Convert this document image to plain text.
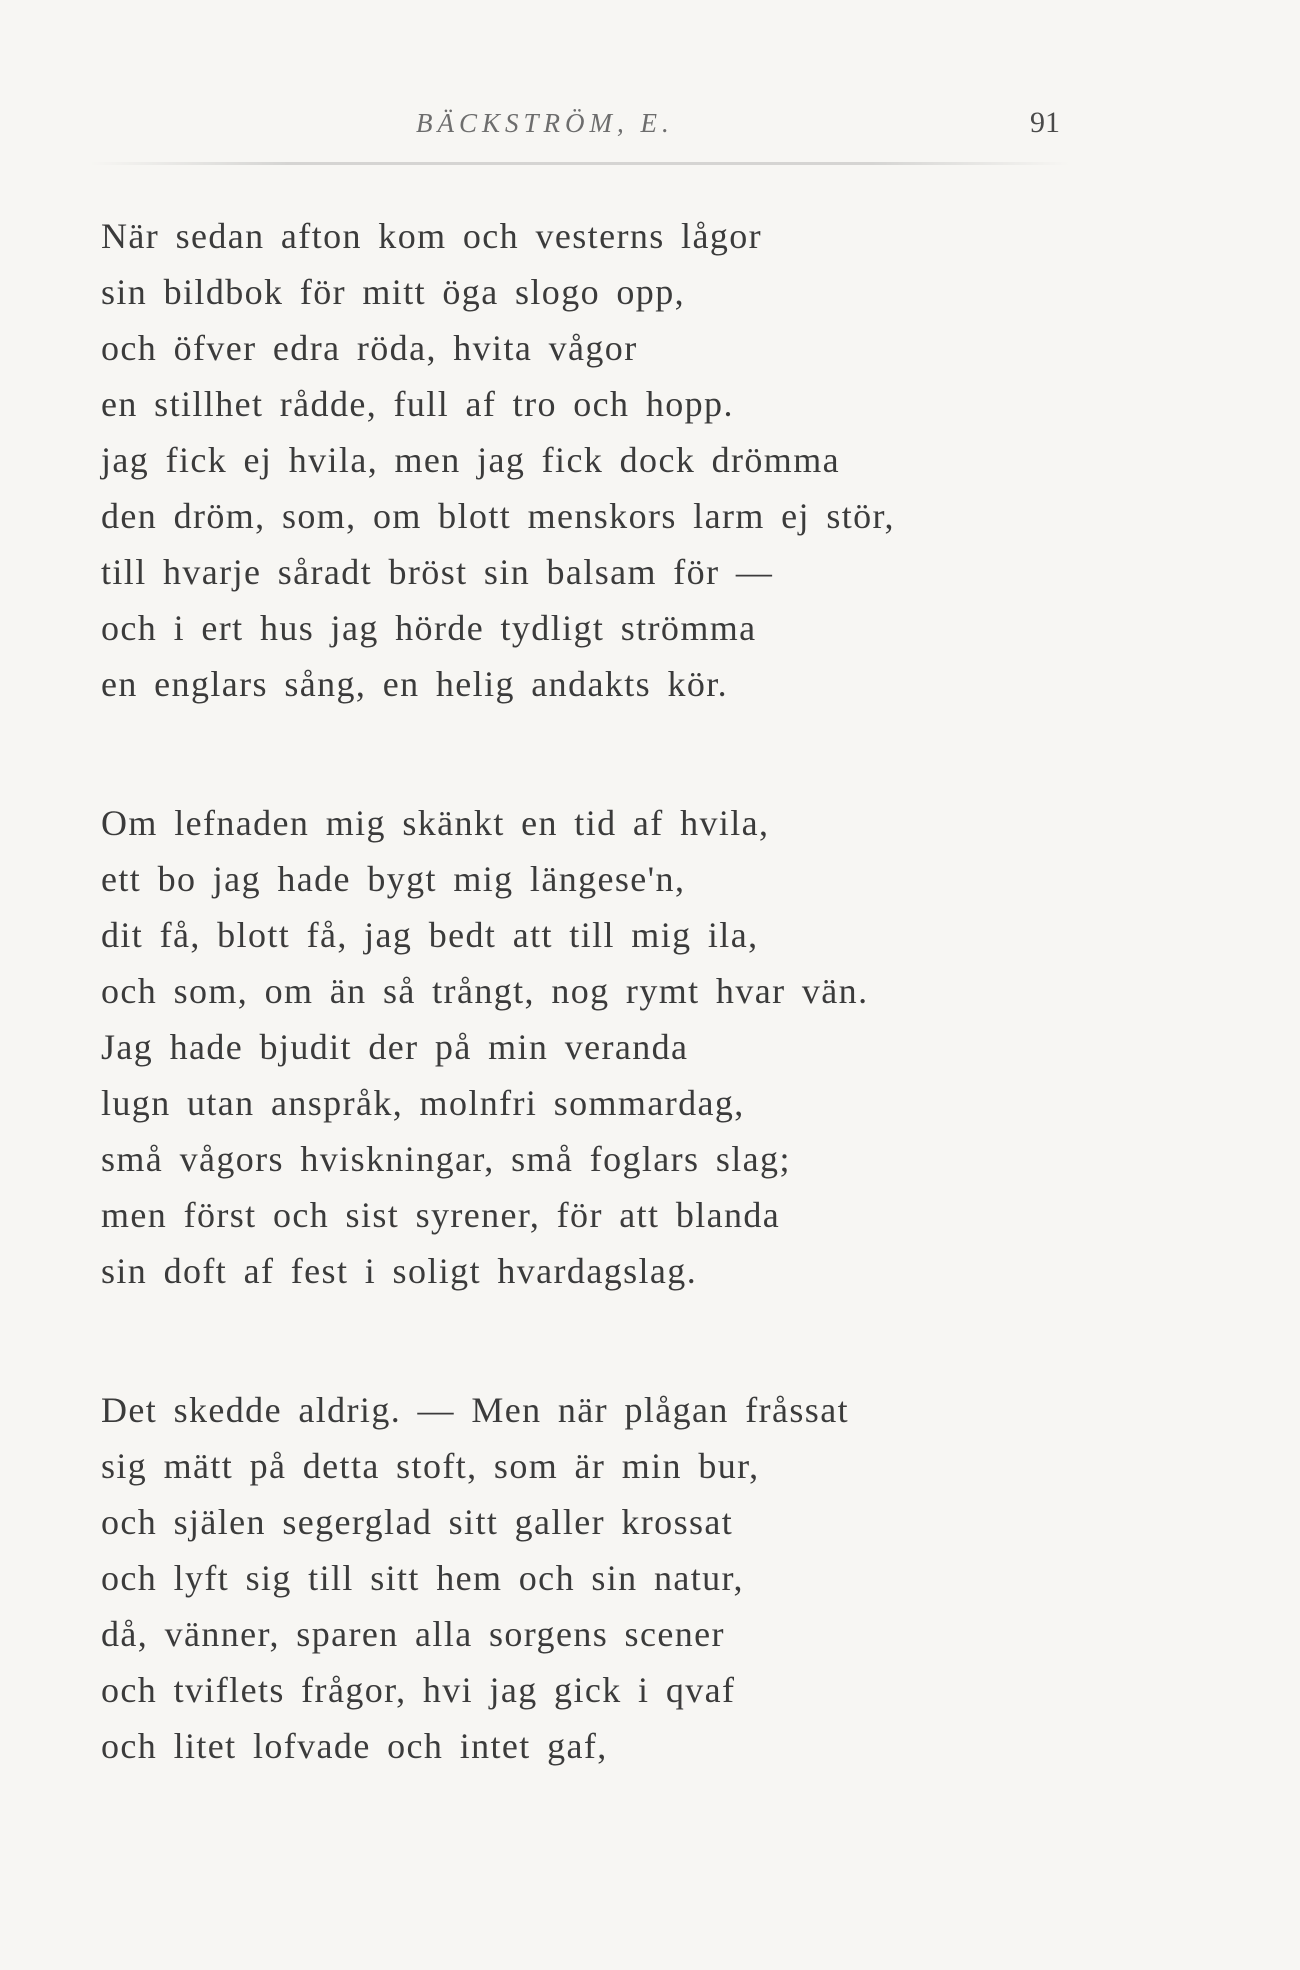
BÄCKSTRÖM, E.	91

När sedan afton kom och vesterns lågor
sin bildbok för mitt öga slogo opp,
och öfver edra röda, hvita vågor
en stillhet rådde, full af tro och hopp.
jag fick ej hvila, men jag fick dock drömma
den dröm, som, om blott menskors larm ej stör,
till hvarje såradt bröst sin balsam för —
och i ert hus jag hörde tydligt strömma
en englars sång, en helig andakts kör.

Om lefnaden mig skänkt en tid af hvila,
ett bo jag hade bygt mig längese'n,
dit få, blott få, jag bedt att till mig ila,
och som, om än så trångt, nog rymt hvar vän.
Jag hade bjudit der på min veranda
lugn utan anspråk, molnfri sommardag,
små vågors hviskningar, små foglars slag;
men först och sist syrener, för att blanda
sin doft af fest i soligt hvardagslag.

Det skedde aldrig. — Men när plågan fråssat
sig mätt på detta stoft, som är min bur,
och själen segerglad sitt galler krossat
och lyft sig till sitt hem och sin natur,
då, vänner, sparen alla sorgens scener
och tviflets frågor, hvi jag gick i qvaf
och litet lofvade och intet gaf,
